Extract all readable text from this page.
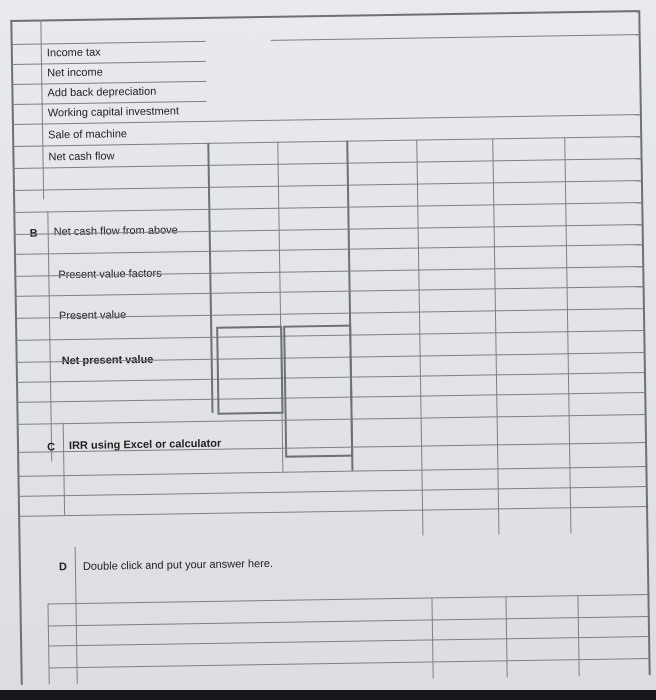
Income tax
Net income
Add back depreciation
Working capital investment
Sale of machine
Net cash flow
B Net cash flow from above
Present value factors
Present value
Net present value
C IRR using Excel or calculator
D Double click and put your answer here.
